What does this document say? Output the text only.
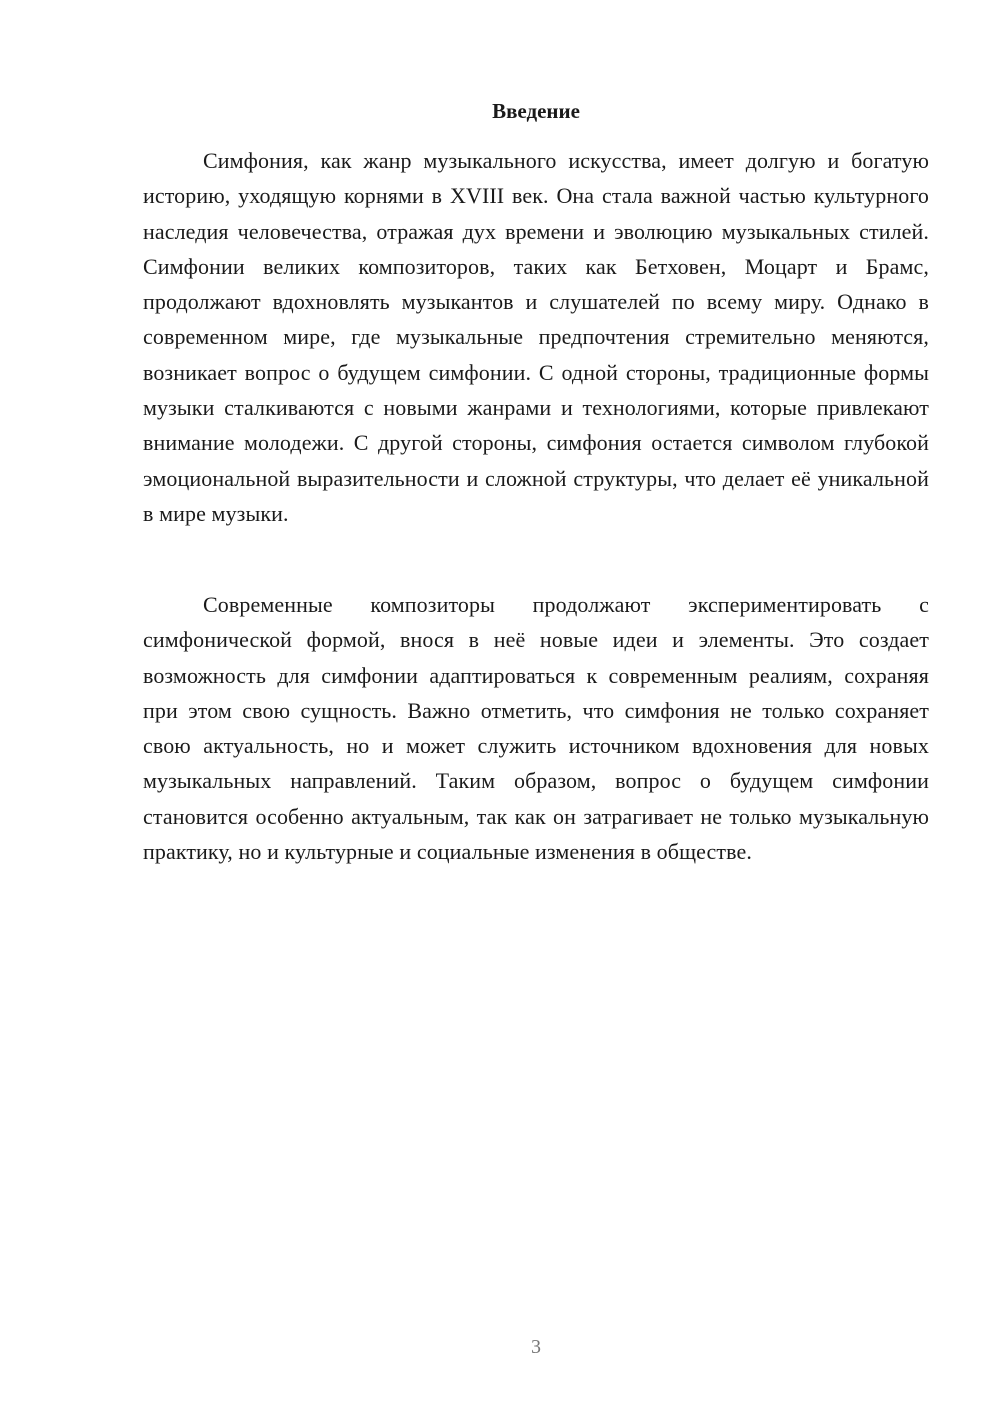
Введение

Симфония, как жанр музыкального искусства, имеет долгую и богатую историю, уходящую корнями в XVIII век. Она стала важной частью культурного наследия человечества, отражая дух времени и эволюцию музыкальных стилей. Симфонии великих композиторов, таких как Бетховен, Моцарт и Брамс, продолжают вдохновлять музыкантов и слушателей по всему миру. Однако в современном мире, где музыкальные предпочтения стремительно меняются, возникает вопрос о будущем симфонии. С одной стороны, традиционные формы музыки сталкиваются с новыми жанрами и технологиями, которые привлекают внимание молодежи. С другой стороны, симфония остается символом глубокой эмоциональной выразительности и сложной структуры, что делает её уникальной в мире музыки.

Современные композиторы продолжают экспериментировать с симфонической формой, внося в неё новые идеи и элементы. Это создает возможность для симфонии адаптироваться к современным реалиям, сохраняя при этом свою сущность. Важно отметить, что симфония не только сохраняет свою актуальность, но и может служить источником вдохновения для новых музыкальных направлений. Таким образом, вопрос о будущем симфонии становится особенно актуальным, так как он затрагивает не только музыкальную практику, но и культурные и социальные изменения в обществе.

3
